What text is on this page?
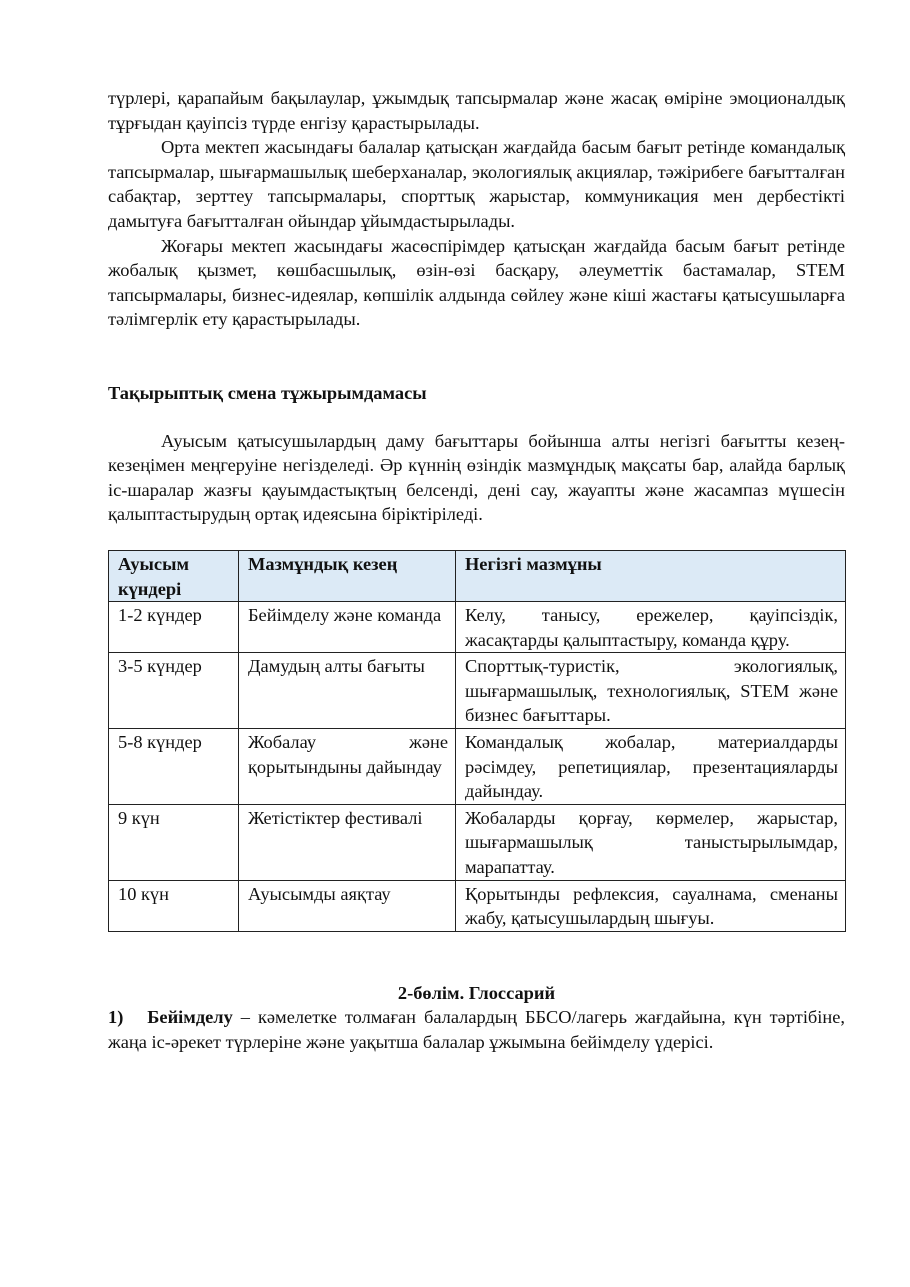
түрлері, қарапайым бақылаулар, ұжымдық тапсырмалар және жасақ өміріне эмоционалдық тұрғыдан қауіпсіз түрде енгізу қарастырылады.

Орта мектеп жасындағы балалар қатысқан жағдайда басым бағыт ретінде командалық тапсырмалар, шығармашылық шеберханалар, экологиялық акциялар, тәжірибеге бағытталған сабақтар, зерттеу тапсырмалары, спорттық жарыстар, коммуникация мен дербестікті дамытуға бағытталған ойындар ұйымдастырылады.

Жоғары мектеп жасындағы жасөспірімдер қатысқан жағдайда басым бағыт ретінде жобалық қызмет, көшбасшылық, өзін-өзі басқару, әлеуметтік бастамалар, STEM тапсырмалары, бизнес-идеялар, көпшілік алдында сөйлеу және кіші жастағы қатысушыларға тәлімгерлік ету қарастырылады.

Тақырыптық смена тұжырымдамасы

Ауысым қатысушылардың даму бағыттары бойынша алты негізгі бағытты кезең-кезеңімен меңгеруіне негізделеді. Әр күннің өзіндік мазмұндық мақсаты бар, алайда барлық іс-шаралар жазғы қауымдастықтың белсенді, дені сау, жауапты және жасампаз мүшесін қалыптастырудың ортақ идеясына біріктіріледі.

Ауысым күндері	Мазмұндық кезең	Негізгі мазмұны
1-2 күндер	Бейімделу және команда	Келу, танысу, ережелер, қауіпсіздік, жасақтарды қалыптастыру, команда құру.
3-5 күндер	Дамудың алты бағыты	Спорттық-туристік, экологиялық, шығармашылық, технологиялық, STEM және бизнес бағыттары.
5-8 күндер	Жобалау және қорытындыны дайындау	Командалық жобалар, материалдарды рәсімдеу, репетициялар, презентацияларды дайындау.
9 күн	Жетістіктер фестивалі	Жобаларды қорғау, көрмелер, жарыстар, шығармашылық таныстырылымдар, марапаттау.
10 күн	Ауысымды аяқтау	Қорытынды рефлексия, сауалнама, сменаны жабу, қатысушылардың шығуы.

2-бөлім. Глоссарий

1) Бейімделу – кәмелетке толмаған балалардың ББСО/лагерь жағдайына, күн тәртібіне, жаңа іс-әрекет түрлеріне және уақытша балалар ұжымына бейімделу үдерісі.
